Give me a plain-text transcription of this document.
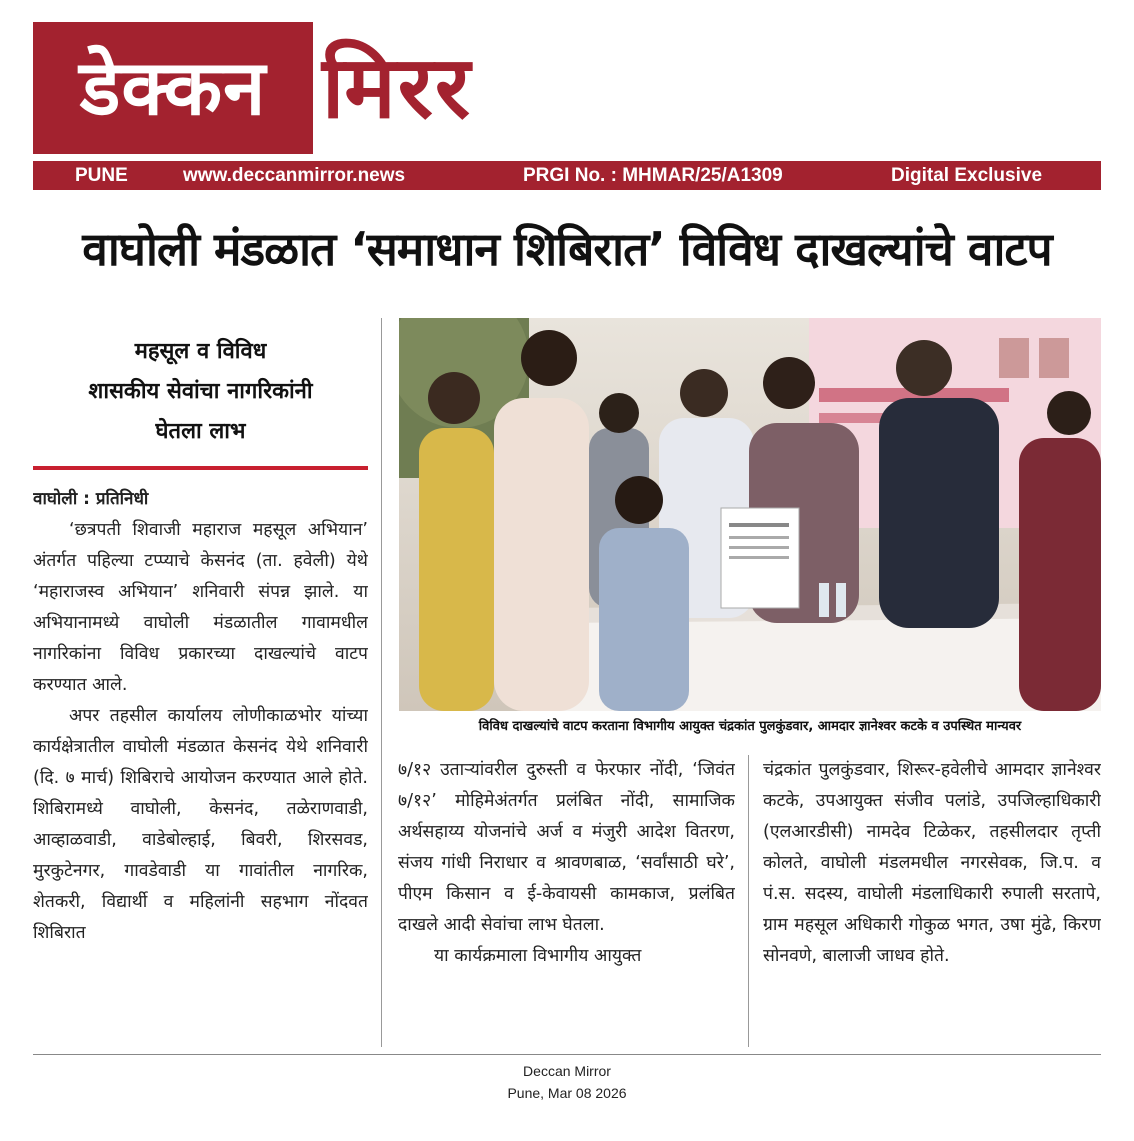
डेक्कन मिरर
PUNE	www.deccanmirror.news	PRGI No. : MHMAR/25/A1309	Digital Exclusive
वाघोली मंडळात ‘समाधान शिबिरात’ विविध दाखल्यांचे वाटप
महसूल व विविध
शासकीय सेवांचा नागरिकांनी
घेतला लाभ

वाघोली : प्रतिनिधी

‘छत्रपती शिवाजी महाराज महसूल अभियान’ अंतर्गत पहिल्या टप्प्याचे केसनंद (ता. हवेली) येथे ‘महाराजस्व अभियान’ शनिवारी संपन्न झाले. या अभियानामध्ये वाघोली मंडळातील गावामधील नागरिकांना विविध प्रकारच्या दाखल्यांचे वाटप करण्यात आले.

अपर तहसील कार्यालय लोणीकाळभोर यांच्या कार्यक्षेत्रातील वाघोली मंडळात केसनंद येथे शनिवारी (दि. ७ मार्च) शिबिराचे आयोजन करण्यात आले होते. शिबिरामध्ये वाघोली, केसनंद, तळेराणवाडी, आव्हाळवाडी, वाडेबोल्हाई, बिवरी, शिरसवड, मुरकुटेनगर, गावडेवाडी या गावांतील नागरिक, शेतकरी, विद्यार्थी व महिलांनी सहभाग नोंदवत शिबिरात

विविध दाखल्यांचे वाटप करताना विभागीय आयुक्त चंद्रकांत पुलकुंडवार, आमदार ज्ञानेश्वर कटके व उपस्थित मान्यवर

७/१२ उताऱ्यांवरील दुरुस्ती व फेरफार नोंदी, ‘जिवंत ७/१२’ मोहिमेअंतर्गत प्रलंबित नोंदी, सामाजिक अर्थसहाय्य योजनांचे अर्ज व मंजुरी आदेश वितरण, संजय गांधी निराधार व श्रावणबाळ, ‘सर्वांसाठी घरे’, पीएम किसान व ई-केवायसी कामकाज, प्रलंबित दाखले आदी सेवांचा लाभ घेतला.

या कार्यक्रमाला विभागीय आयुक्त

चंद्रकांत पुलकुंडवार, शिरूर-हवेलीचे आमदार ज्ञानेश्वर कटके, उपआयुक्त संजीव पलांडे, उपजिल्हाधिकारी (एलआरडीसी) नामदेव टिळेकर, तहसीलदार तृप्ती कोलते, वाघोली मंडलमधील नगरसेवक, जि.प. व पं.स. सदस्य, वाघोली मंडलाधिकारी रुपाली सरतापे, ग्राम महसूल अधिकारी गोकुळ भगत, उषा मुंढे, किरण सोनवणे, बालाजी जाधव होते.

Deccan Mirror
Pune, Mar 08 2026
